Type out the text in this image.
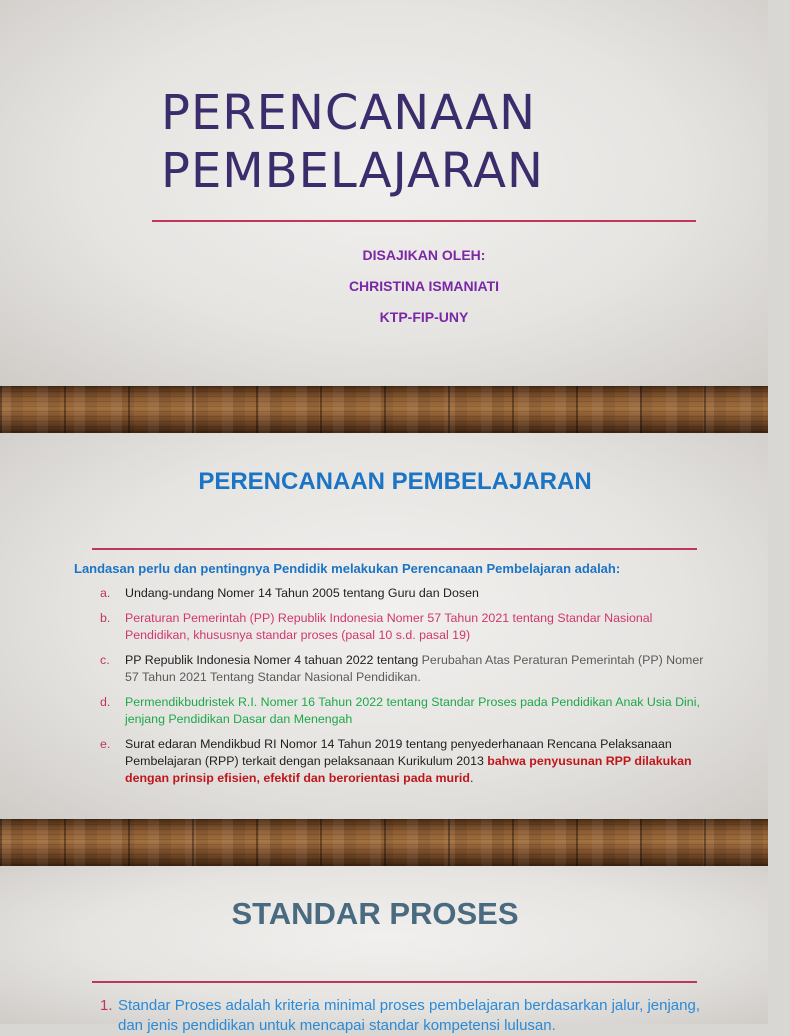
PERENCANAAN
PEMBELAJARAN
DISAJIKAN OLEH:
CHRISTINA ISMANIATI
KTP-FIP-UNY
PERENCANAAN PEMBELAJARAN
Landasan perlu dan pentingnya Pendidik melakukan Perencanaan Pembelajaran adalah:
a. Undang-undang Nomer 14 Tahun 2005 tentang Guru dan Dosen
b. Peraturan Pemerintah (PP) Republik Indonesia Nomer 57 Tahun 2021 tentang Standar Nasional Pendidikan, khususnya standar proses (pasal 10 s.d. pasal 19)
c. PP Republik Indonesia Nomer 4 tahuan 2022 tentang Perubahan Atas Peraturan Pemerintah (PP) Nomer 57 Tahun 2021 Tentang Standar Nasional Pendidikan.
d. Permendikbudristek R.I. Nomer 16 Tahun 2022 tentang Standar Proses pada Pendidikan Anak Usia Dini, jenjang Pendidikan Dasar dan Menengah
e. Surat edaran Mendikbud RI Nomor 14 Tahun 2019 tentang penyederhanaan Rencana Pelaksanaan Pembelajaran (RPP) terkait dengan pelaksanaan Kurikulum 2013 bahwa penyusunan RPP dilakukan dengan prinsip efisien, efektif dan berorientasi pada murid.
STANDAR PROSES
1. Standar Proses adalah kriteria minimal proses pembelajaran berdasarkan jalur, jenjang, dan jenis pendidikan untuk mencapai standar kompetensi lulusan.
